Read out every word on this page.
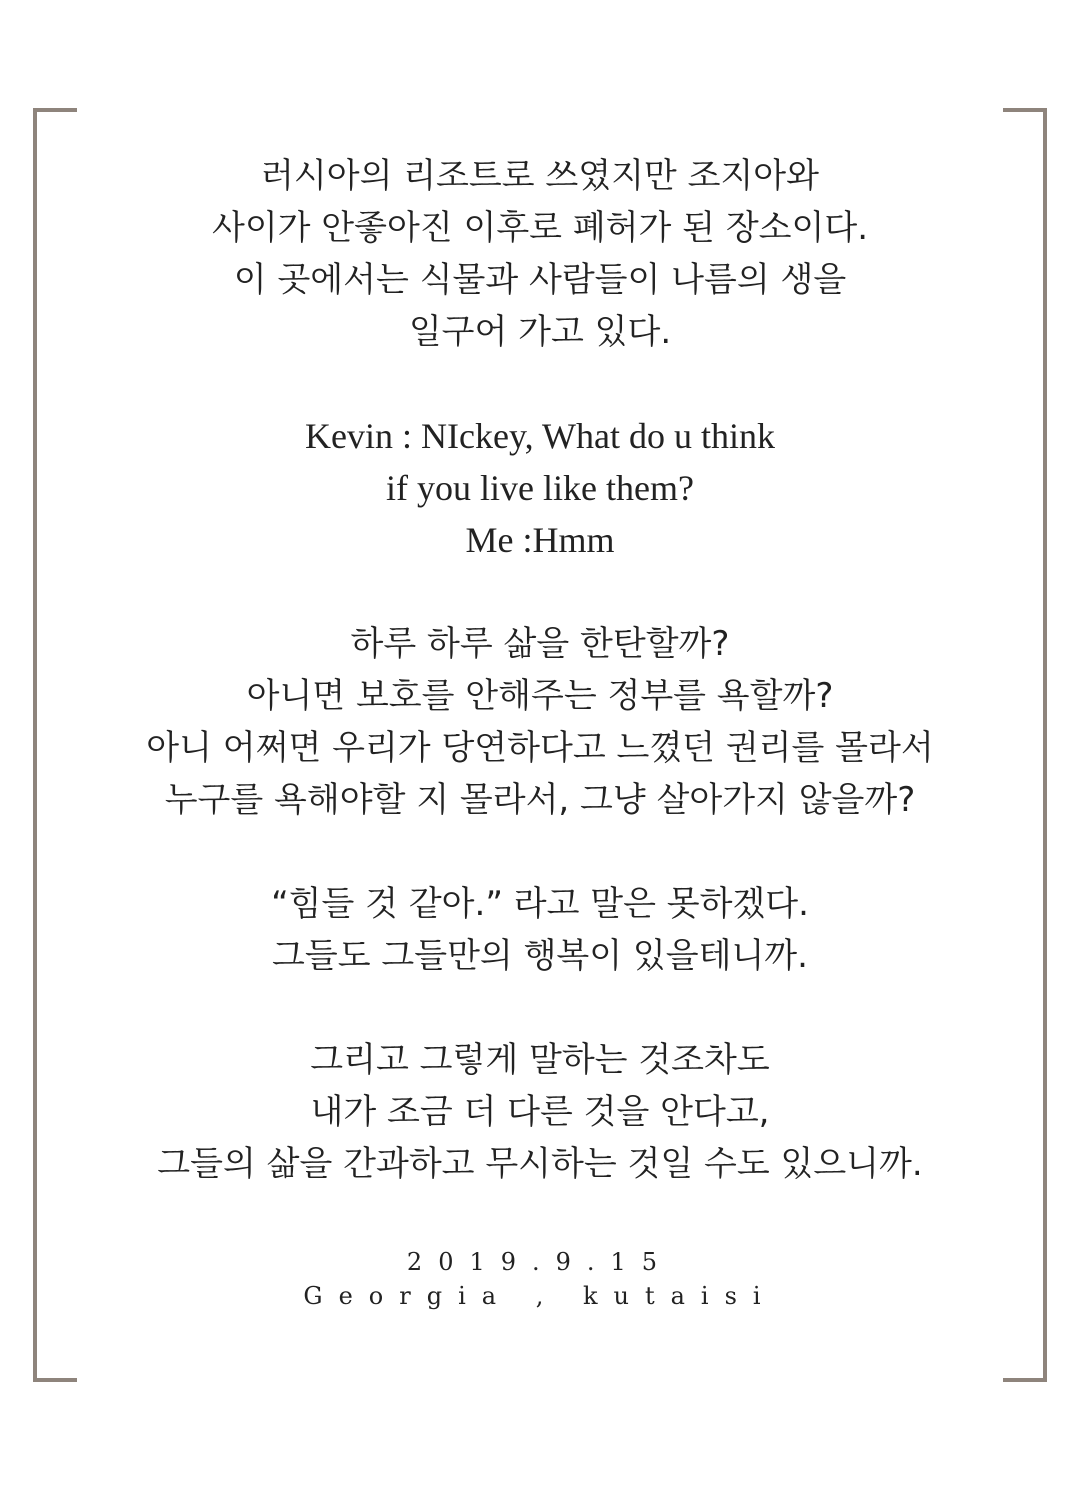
러시아의 리조트로 쓰였지만 조지아와
사이가 안좋아진 이후로 폐허가 된 장소이다.
이 곳에서는 식물과 사람들이 나름의 생을
일구어 가고 있다.
Kevin : NIckey, What do u think
if you live like them?
Me :Hmm
하루 하루 삶을 한탄할까?
아니면 보호를 안해주는 정부를 욕할까?
아니 어쩌면 우리가 당연하다고 느꼈던 권리를 몰라서
누구를 욕해야할 지 몰라서, 그냥 살아가지 않을까?
“힘들 것 같아.” 라고 말은 못하겠다.
그들도 그들만의 행복이 있을테니까.
그리고 그렇게 말하는 것조차도
내가 조금 더 다른 것을 안다고,
그들의 삶을 간과하고 무시하는 것일 수도 있으니까.
2019.9.15
Georgia , kutaisi
